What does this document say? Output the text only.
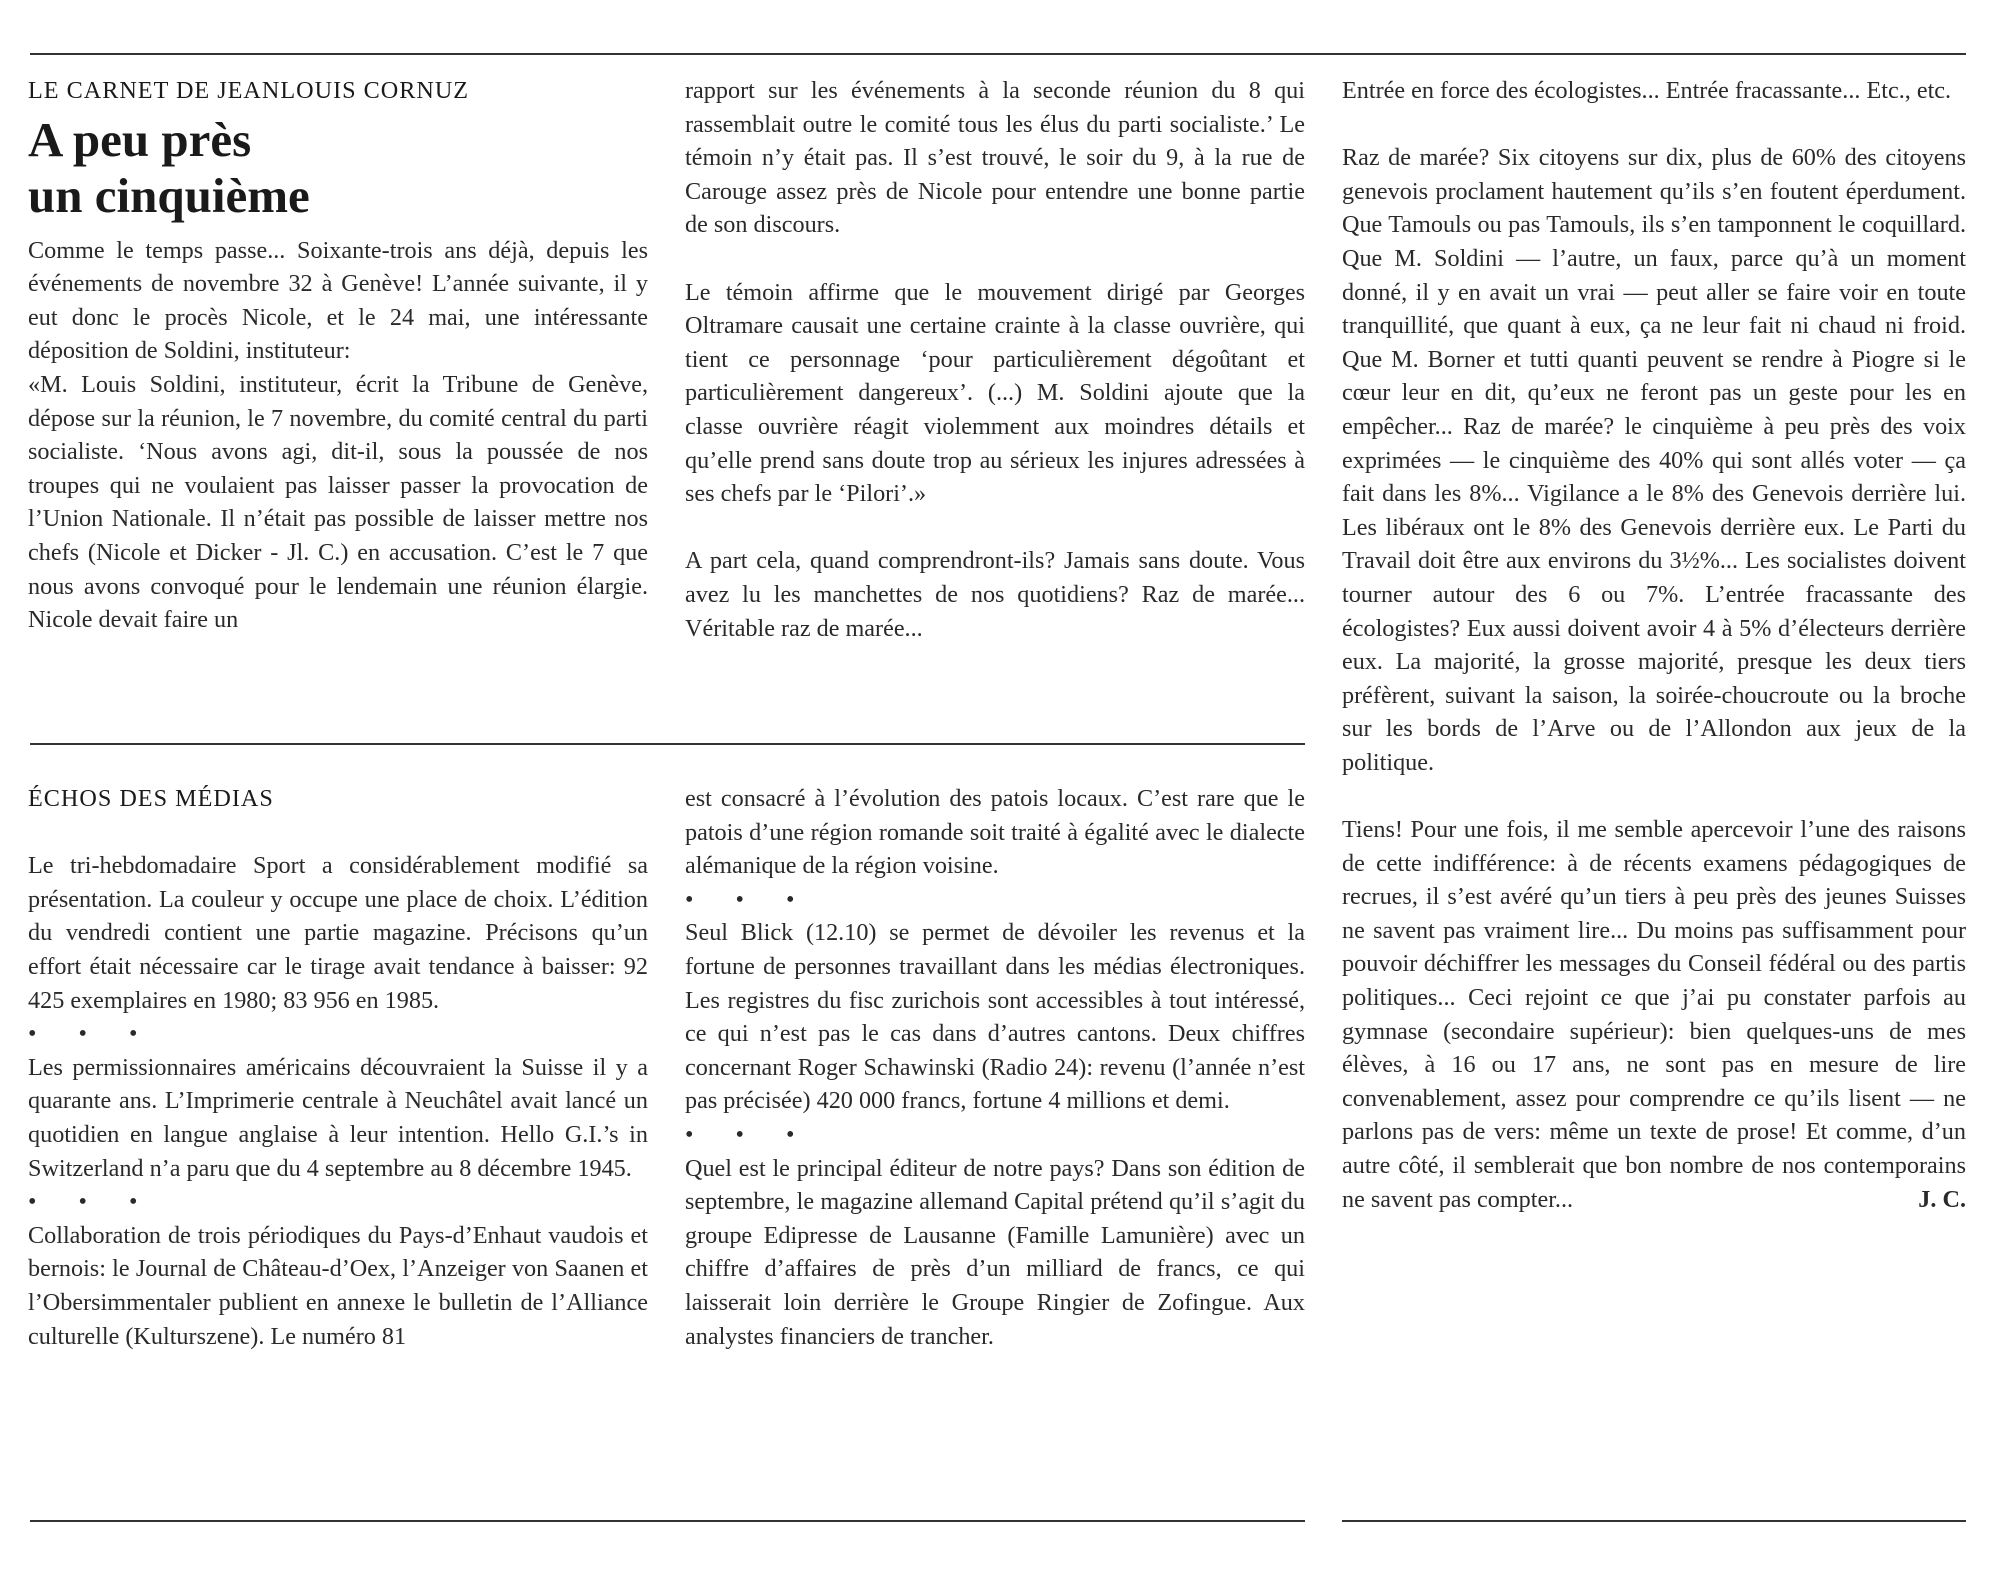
LE CARNET DE JEANLOUIS CORNUZ

A peu près
un cinquième

Comme le temps passe... Soixante-trois ans déjà, depuis les événements de novembre 32 à Genève! L’année suivante, il y eut donc le procès Nicole, et le 24 mai, une intéressante déposition de Soldini, instituteur:

«M. Louis Soldini, instituteur, écrit la Tribune de Genève, dépose sur la réunion, le 7 novembre, du comité central du parti socialiste. ‘Nous avons agi, dit-il, sous la poussée de nos troupes qui ne voulaient pas laisser passer la provocation de l’Union Nationale. Il n’était pas possible de laisser mettre nos chefs (Nicole et Dicker - Jl. C.) en accusation. C’est le 7 que nous avons convoqué pour le lendemain une réunion élargie. Nicole devait faire un

rapport sur les événements à la seconde réunion du 8 qui rassemblait outre le comité tous les élus du parti socialiste.’ Le témoin n’y était pas. Il s’est trouvé, le soir du 9, à la rue de Carouge assez près de Nicole pour entendre une bonne partie de son discours.

Le témoin affirme que le mouvement dirigé par Georges Oltramare causait une certaine crainte à la classe ouvrière, qui tient ce personnage ‘pour particulièrement dégoûtant et particulièrement dangereux’. (...) M. Soldini ajoute que la classe ouvrière réagit violemment aux moindres détails et qu’elle prend sans doute trop au sérieux les injures adressées à ses chefs par le ‘Pilori’.»

A part cela, quand comprendront-ils? Jamais sans doute. Vous avez lu les manchettes de nos quotidiens? Raz de marée... Véritable raz de marée...

Entrée en force des écologistes... Entrée fracassante... Etc., etc.

Raz de marée? Six citoyens sur dix, plus de 60% des citoyens genevois proclament hautement qu’ils s’en foutent éperdument. Que Tamouls ou pas Tamouls, ils s’en tamponnent le coquillard. Que M. Soldini — l’autre, un faux, parce qu’à un moment donné, il y en avait un vrai — peut aller se faire voir en toute tranquillité, que quant à eux, ça ne leur fait ni chaud ni froid. Que M. Borner et tutti quanti peuvent se rendre à Piogre si le cœur leur en dit, qu’eux ne feront pas un geste pour les en empêcher... Raz de marée? le cinquième à peu près des voix exprimées — le cinquième des 40% qui sont allés voter — ça fait dans les 8%... Vigilance a le 8% des Genevois derrière lui. Les libéraux ont le 8% des Genevois derrière eux. Le Parti du Travail doit être aux environs du 3½%... Les socialistes doivent tourner autour des 6 ou 7%. L’entrée fracassante des écologistes? Eux aussi doivent avoir 4 à 5% d’électeurs derrière eux. La majorité, la grosse majorité, presque les deux tiers préfèrent, suivant la saison, la soirée-choucroute ou la broche sur les bords de l’Arve ou de l’Allondon aux jeux de la politique.

Tiens! Pour une fois, il me semble apercevoir l’une des raisons de cette indifférence: à de récents examens pédagogiques de recrues, il s’est avéré qu’un tiers à peu près des jeunes Suisses ne savent pas vraiment lire... Du moins pas suffisamment pour pouvoir déchiffrer les messages du Conseil fédéral ou des partis politiques... Ceci rejoint ce que j’ai pu constater parfois au gymnase (secondaire supérieur): bien quelques-uns de mes élèves, à 16 ou 17 ans, ne sont pas en mesure de lire convenablement, assez pour comprendre ce qu’ils lisent — ne parlons pas de vers: même un texte de prose! Et comme, d’un autre côté, il semblerait que bon nombre de nos contemporains ne savent pas compter...	J. C.

ÉCHOS DES MÉDIAS

Le tri-hebdomadaire Sport a considérablement modifié sa présentation. La couleur y occupe une place de choix. L’édition du vendredi contient une partie magazine. Précisons qu’un effort était nécessaire car le tirage avait tendance à baisser: 92 425 exemplaires en 1980; 83 956 en 1985.

• • •

Les permissionnaires américains découvraient la Suisse il y a quarante ans. L’Imprimerie centrale à Neuchâtel avait lancé un quotidien en langue anglaise à leur intention. Hello G.I.’s in Switzerland n’a paru que du 4 septembre au 8 décembre 1945.

• • •

Collaboration de trois périodiques du Pays-d’Enhaut vaudois et bernois: le Journal de Château-d’Oex, l’Anzeiger von Saanen et l’Obersimmentaler publient en annexe le bulletin de l’Alliance culturelle (Kulturszene). Le numéro 81

est consacré à l’évolution des patois locaux. C’est rare que le patois d’une région romande soit traité à égalité avec le dialecte alémanique de la région voisine.

• • •

Seul Blick (12.10) se permet de dévoiler les revenus et la fortune de personnes travaillant dans les médias électroniques. Les registres du fisc zurichois sont accessibles à tout intéressé, ce qui n’est pas le cas dans d’autres cantons. Deux chiffres concernant Roger Schawinski (Radio 24): revenu (l’année n’est pas précisée) 420 000 francs, fortune 4 millions et demi.

• • •

Quel est le principal éditeur de notre pays? Dans son édition de septembre, le magazine allemand Capital prétend qu’il s’agit du groupe Edipresse de Lausanne (Famille Lamunière) avec un chiffre d’affaires de près d’un milliard de francs, ce qui laisserait loin derrière le Groupe Ringier de Zofingue. Aux analystes financiers de trancher.
